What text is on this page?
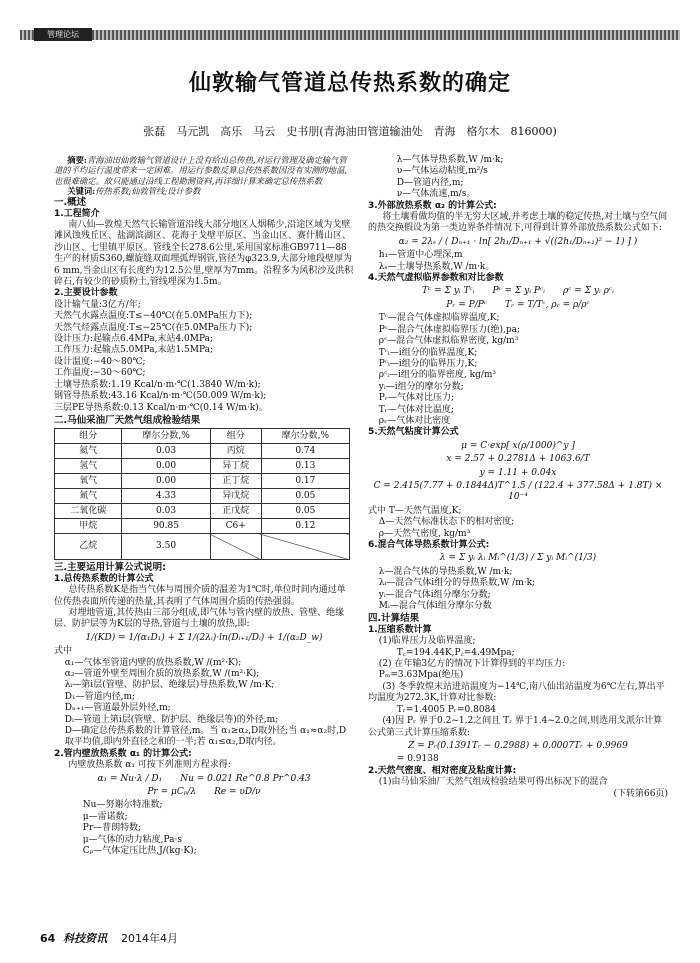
管理论坛
仙敦输气管道总传热系数的确定
张磊　马元凯　高乐　马云　史书朋(青海油田管道输油处　青海　格尔木　816000)

摘要:青海油田仙敦输气管道设计上没有给出总传热,对运行管理及确定输气管道的平均运行温度带来一定困难。用运行参数反算总传热系数因没有实测的地温,也很难确定。故只能通过沿线工程勘测资料,再详细计算来确定总传热系数

关键词:传热系数;仙敦管线;设计参数

一.概述

1.工程简介

南八仙—敦煌天然气长输管道沿线大部分地区人烟稀少,沿途区域为戈壁滩风蚀残丘区、盐湖滨湖区、花海子戈壁平原区、当金山区、赛什腾山区、沙山区、七里镇平原区。管线全长278.6公里,采用国家标准GB9711—88生产的材质S360,螺旋缝双面埋弧焊钢管,管径为φ323.9,大部分地段壁厚为6 mm,当金山区有长度约为12.5公里,壁厚为7mm。沿程多为风积沙及洪积碎石,有较少的砂质粉土,管线埋深为1.5m。

2.主要设计参数

设计输气量:3亿方/年;

天然气水露点温度:T≤−40℃(在5.0MPa压力下);

天然气烃露点温度:T≤−25℃(在5.0MPa压力下);

设计压力:起输点6.4MPa,末站4.0MPa;

工作压力:起输点5.0MPa,末站1.5MPa;

设计温度:−40～80℃;

工作温度:−30～60℃;

土壤导热系数:1.19 Kcal/n·m·℃(1.3840 W/m·k);

钢管导热系数:43.16 Kcal/n·m·℃(50.009 W/m·k);

三层PE导热系数:0.13 Kcal/n·m·℃(0.14 W/m·k)。

二.马仙采油厂天然气组成检验结果

组分	摩尔分数,%	组分	摩尔分数,%
氦气	0.03	丙烷	0.74
氢气	0.00	异丁烷	0.13
氧气	0.00	正丁烷	0.17
氮气	4.33	异戊烷	0.05
二氧化碳	0.03	正戊烷	0.05
甲烷	90.85	C6+	0.12
乙烷	3.50		

三.主要运用计算公式说明:

1.总传热系数的计算公式

总传热系数K是指当气体与周围介质的温差为1℃时,单位时间内通过单位传热表面所传递的热量,其表明了气体周围介质的传热强弱。

对埋地管道,其传热由三部分组成,即气体与管内壁的放热、管壁、绝缘层、防护层等为K层的导热,管道与土壤的放热,即:

1/(KD) = 1/(α₁D₁) + Σ 1/(2λᵢ)·ln(Dᵢ₊₁/Dᵢ) + 1/(α₂D_w)

式中

α₁—气体至管道内壁的放热系数,W /(m²·K);

α₂—管道外壁至周围介质的放热系数,W /(m²·K);

λᵢ—第i层(管壁、防护层、绝缘层)导热系数,W /m·K;

D₁—管道内径,m;

Dₙ₊₁—管道最外层外径,m;

Dᵢ—管道上第i层(管壁、防护层、绝缘层等)的外径,m;

D—确定总传热系数的计算管径,m。当 α₁≥α₂,D取外径;当 α₁≈α₂时,D取平均值,即内外直径之和的一半;若 α₁≤α₂,D取内径。

2.管内壁放热系数 α₁ 的计算公式:

内壁放热系数 α₁ 可按下列准则方程求得:

α₁ = Nu·λ / D₁　　Nu = 0.021 Re^0.8 Pr^0.43

Pr = μCₚ/λ　　Re = υD/ν

Nu—努谢尔特准数;

μ—雷诺数;

Pr—普朗特数;

μ—气体的动力粘度,Pa·s

Cₚ—气体定压比热,J/(kg·K);

λ—气体导热系数,W /m·k;

υ—气体运动粘度,m²/s

D—管道内径,m;

ν—气体流速,m/s。

3.外部放热系数 α₂ 的计算公式:

将土壤看做均值的半无穷大区域,并考虑土壤的稳定传热,对土壤与空气间的热交换假设为第一类边界条件情况下,可得到计算外部放热系数公式如下:

α₂ = 2λₛ / ( Dₙ₊₁ · ln[ 2h₁/Dₙ₊₁ + √((2h₁/Dₙ₊₁)² − 1) ] )

h₁—管道中心埋深,m

λₛ—土壤导热系数,W /m·k。

4.天然气虚拟临界参数和对比参数

Tᶜ = Σ yᵢ Tᶜᵢ　　Pᶜ = Σ yᵢ Pᶜᵢ　　ρᶜ = Σ yᵢ ρᶜᵢ

Pᵣ = P/Pᶜ　　Tᵣ = T/Tᶜ, ρᵣ = ρ/ρᶜ

Tᶜ—混合气体虚拟临界温度,K;

Pᶜ—混合气体虚拟临界压力(绝),pa;

ρᶜ—混合气体虚拟临界密度, kg/m³

Tᶜᵢ—i组分的临界温度,K;

Pᶜᵢ—i组分的临界压力,K;

ρᶜᵢ—i组分的临界密度, kg/m³

yᵢ—i组分的摩尔分数;

Pᵣ—气体对比压力;

Tᵣ—气体对比温度;

ρᵣ—气体对比密度

5.天然气粘度计算公式

μ = C·exp[ x(ρ/1000)^y ]

x = 2.57 + 0.2781Δ + 1063.6/T

y = 1.11 + 0.04x

C = 2.415(7.77 + 0.1844Δ)T^1.5 / (122.4 + 377.58Δ + 1.8T) × 10⁻⁴

式中 T—天然气温度,K;

Δ—天然气标准状态下的相对密度;

ρ—天然气密度, kg/m³

6.混合气体导热系数计算公式:

λ = Σ yᵢ λᵢ Mᵢ^(1/3) / Σ yᵢ Mᵢ^(1/3)

λ—混合气体的导热系数,W /m·k;

λᵢ—混合气体i组分的导热系数,W /m·k;

yᵢ—混合气体i组分摩尔分数;

Mᵢ—混合气体i组分摩尔分数

四.计算结果

1.压缩系数计算

(1)临界压力及临界温度;

T꜀=194.44K,P꜀=4.49Mpa;

(2) 在年输3亿方的情况下计算得到的平均压力:

Pₘ=3.63Mpa(绝压)

(3) 冬季敦煌末站进站温度为−14℃,南八仙出站温度为6℃左右,算出平均温度为272.3K,计算对比参数:

Tᵣ=1.4005 Pᵣ=0.8084

(4)因 Pᵣ 界于0.2~1.2之间且 Tᵣ 界于1.4~2.0之间,则选用戈派尔计算公式第三式计算压缩系数:

Z = Pᵣ(0.1391Tᵣ − 0.2988) + 0.0007Tᵣ + 0.9969

= 0.9138

2.天然气密度、相对密度及粘度计算:

(1)由马仙采油厂天然气组成检验结果可得出标况下的混合

(下转第66页)

64 科技资讯 2014年4月
